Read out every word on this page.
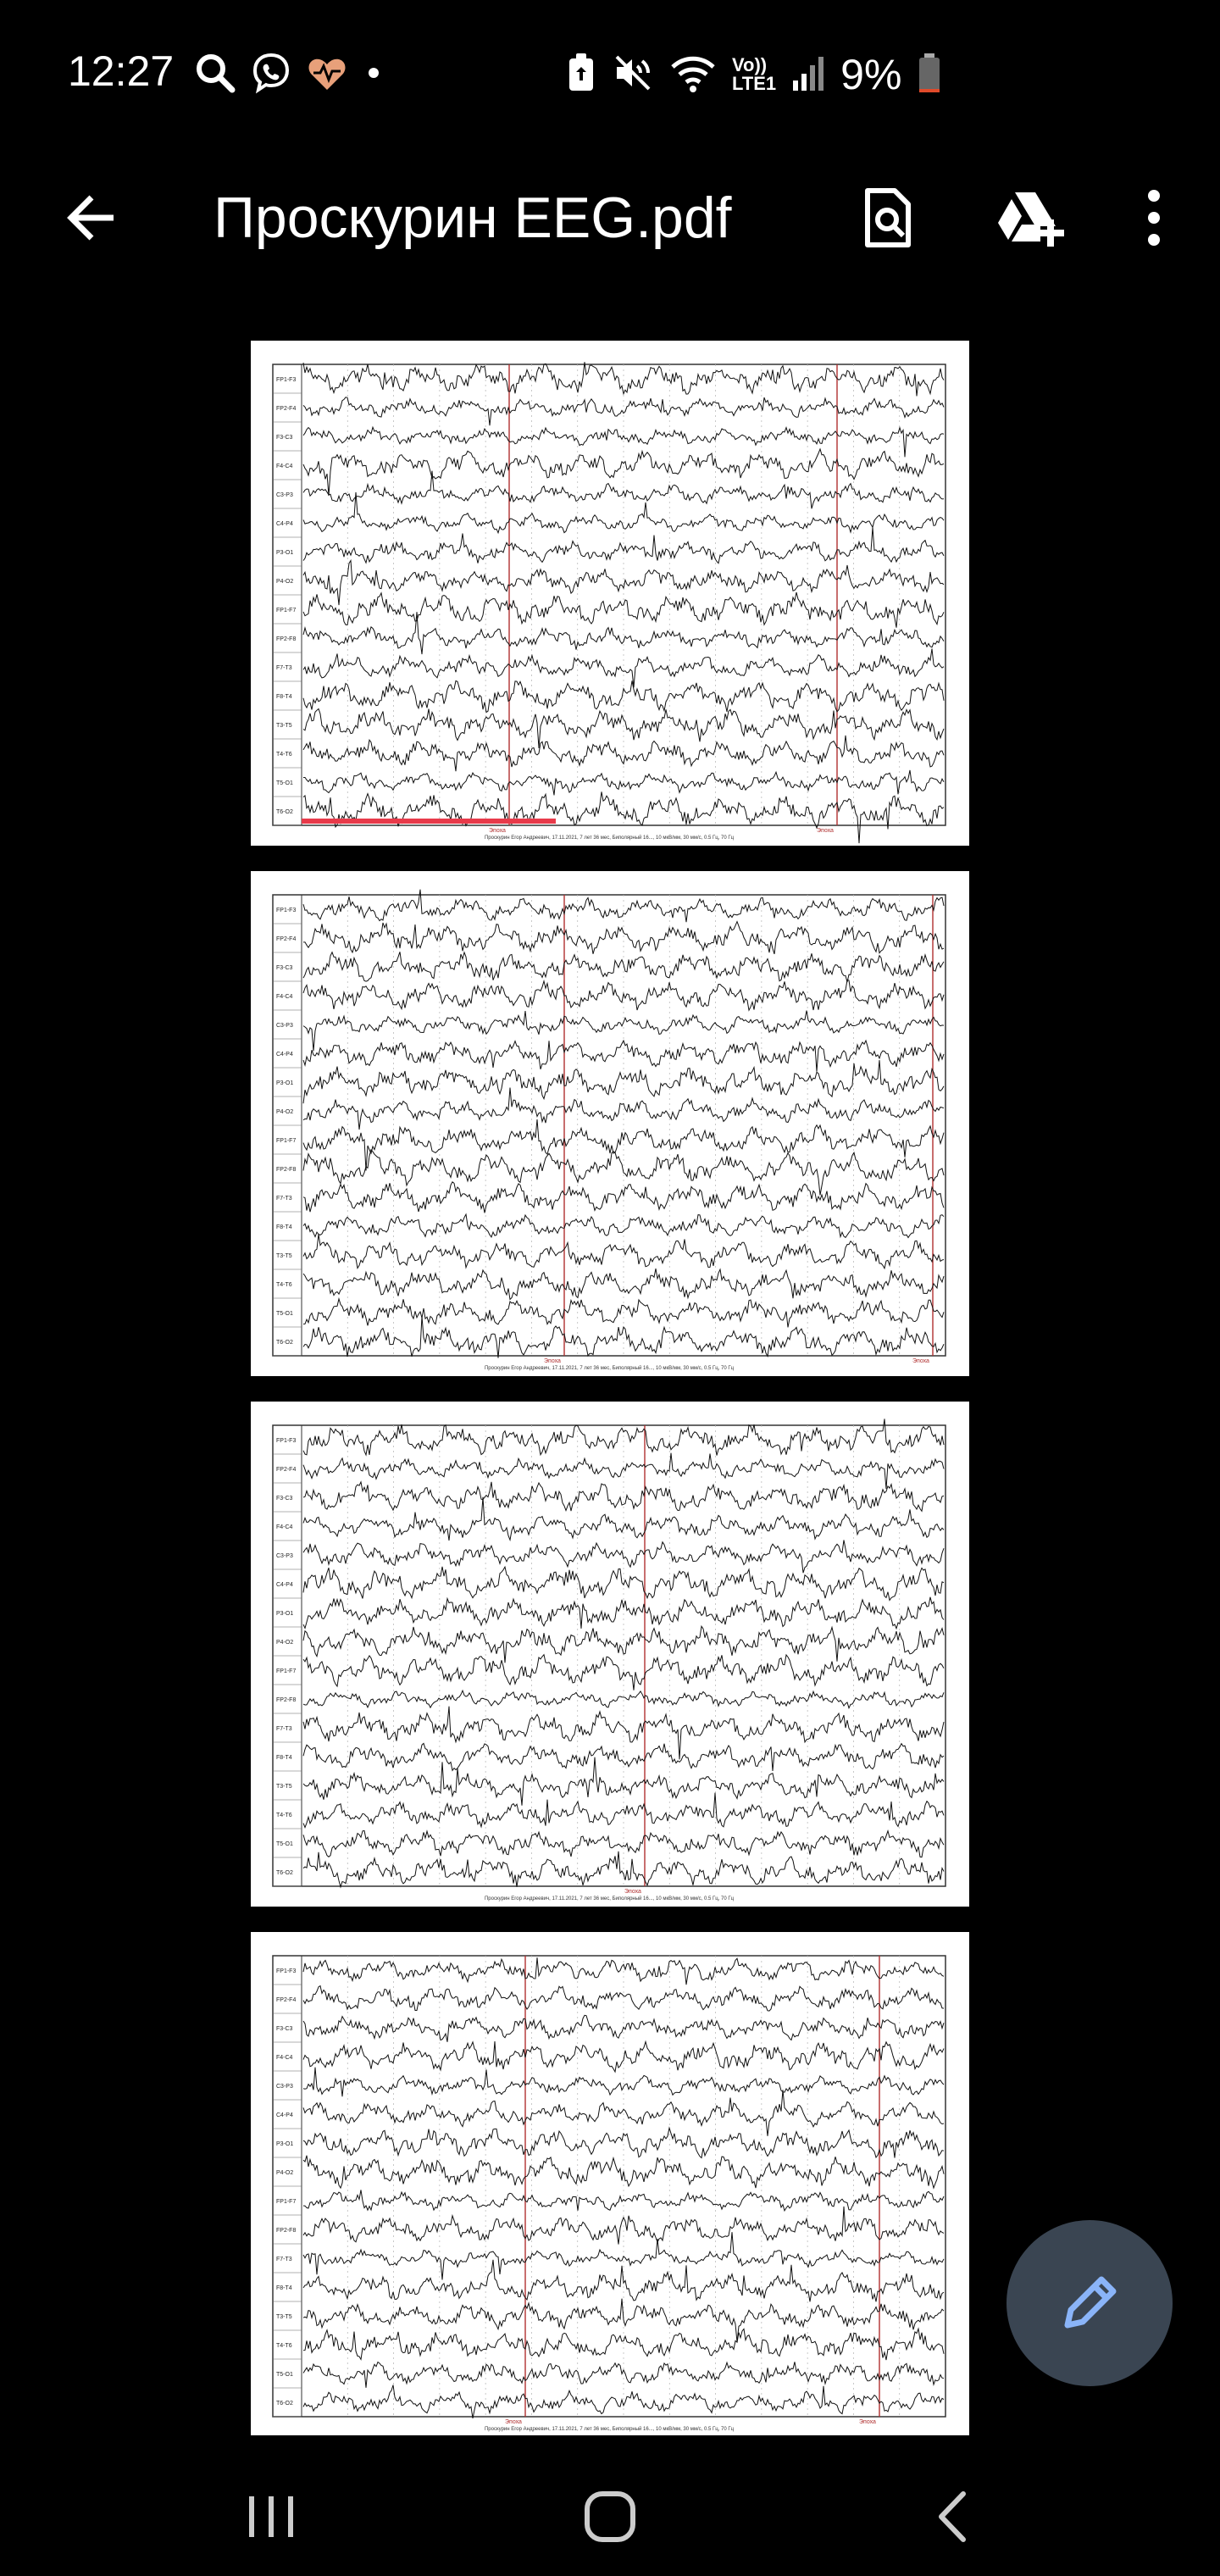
12:27	Vo))
LTE1 9%
Проскурин EEG.pdf
Эпоха	Эпоха
FP1-F3
FP2-F4
F3-C3
F4-C4
C3-P3
C4-P4
P3-O1
P4-O2
FP1-F7
FP2-F8
F7-T3
F8-T4
T3-T5
T4-T6
T5-O1
T6-O2
Проскурин Егор Андреевич, 17.11.2021, 7 лет 36 мес, Биполярный 16..., 10 мкВ/мм, 30 мм/с, 0.5 Гц, 70 Гц
Эпоха	Эпоха
FP1-F3
FP2-F4
F3-C3
F4-C4
C3-P3
C4-P4
P3-O1
P4-O2
FP1-F7
FP2-F8
F7-T3
F8-T4
T3-T5
T4-T6
T5-O1
T6-O2
Проскурин Егор Андреевич, 17.11.2021, 7 лет 36 мес, Биполярный 16..., 10 мкВ/мм, 30 мм/с, 0.5 Гц, 70 Гц
Эпоха
FP1-F3
FP2-F4
F3-C3
F4-C4
C3-P3
C4-P4
P3-O1
P4-O2
FP1-F7
FP2-F8
F7-T3
F8-T4
T3-T5
T4-T6
T5-O1
T6-O2
Проскурин Егор Андреевич, 17.11.2021, 7 лет 36 мес, Биполярный 16..., 10 мкВ/мм, 30 мм/с, 0.5 Гц, 70 Гц
Эпоха	Эпоха
FP1-F3
FP2-F4
F3-C3
F4-C4
C3-P3
C4-P4
P3-O1
P4-O2
FP1-F7
FP2-F8
F7-T3
F8-T4
T3-T5
T4-T6
T5-O1
T6-O2
Проскурин Егор Андреевич, 17.11.2021, 7 лет 36 мес, Биполярный 16..., 10 мкВ/мм, 30 мм/с, 0.5 Гц, 70 Гц
